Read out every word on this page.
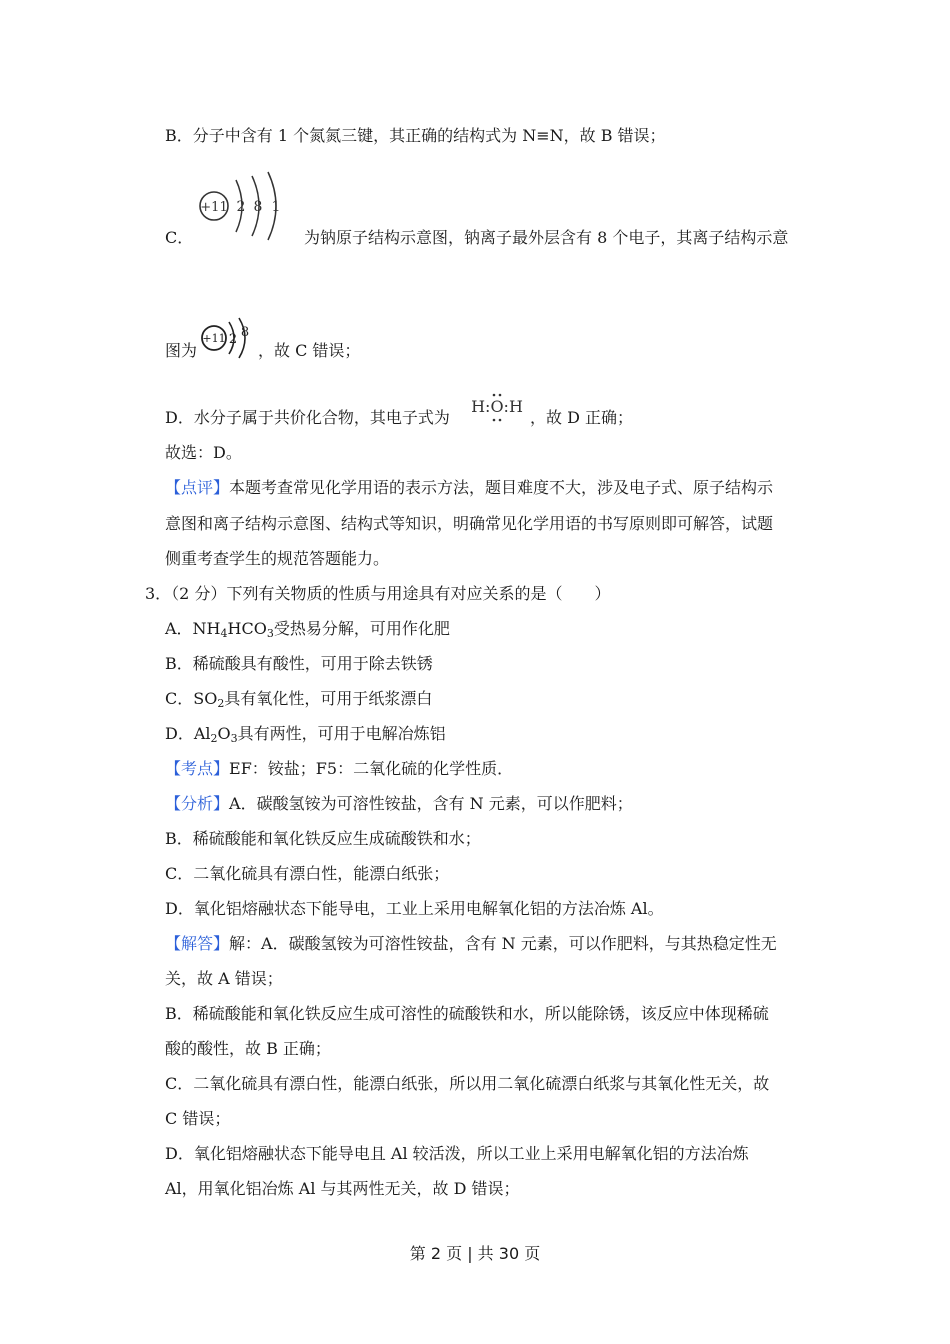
B．分子中含有 1 个氮氮三键，其正确的结构式为 N≡N，故 B 错误；
C．
+11 2 8 1
为钠原子结构示意图，钠离子最外层含有 8 个电子，其离子结构示意
图为
+11 2 8
，故 C 错误；
D．水分子属于共价化合物，其电子式为
H:O:H
，故 D 正确；
故选：D。
【点评】本题考查常见化学用语的表示方法，题目难度不大，涉及电子式、原子结构示
意图和离子结构示意图、结构式等知识，明确常见化学用语的书写原则即可解答，试题
侧重考查学生的规范答题能力。
3．（2 分）下列有关物质的性质与用途具有对应关系的是（　　）
A．$NH_4HCO_3$受热易分解，可用作化肥
B．稀硫酸具有酸性，可用于除去铁锈
C．$SO_2$具有氧化性，可用于纸浆漂白
D．$Al_2O_3$具有两性，可用于电解冶炼铝
【考点】EF：铵盐；F5：二氧化硫的化学性质．
【分析】A．碳酸氢铵为可溶性铵盐，含有 N 元素，可以作肥料；
B．稀硫酸能和氧化铁反应生成硫酸铁和水；
C．二氧化硫具有漂白性，能漂白纸张；
D．氧化铝熔融状态下能导电，工业上采用电解氧化铝的方法冶炼 Al。
【解答】解：A．碳酸氢铵为可溶性铵盐，含有 N 元素，可以作肥料，与其热稳定性无
关，故 A 错误；
B．稀硫酸能和氧化铁反应生成可溶性的硫酸铁和水，所以能除锈，该反应中体现稀硫
酸的酸性，故 B 正确；
C．二氧化硫具有漂白性，能漂白纸张，所以用二氧化硫漂白纸浆与其氧化性无关，故
C 错误；
D．氧化铝熔融状态下能导电且 Al 较活泼，所以工业上采用电解氧化铝的方法冶炼
Al，用氧化铝冶炼 Al 与其两性无关，故 D 错误；
第 2 页 | 共 30 页
